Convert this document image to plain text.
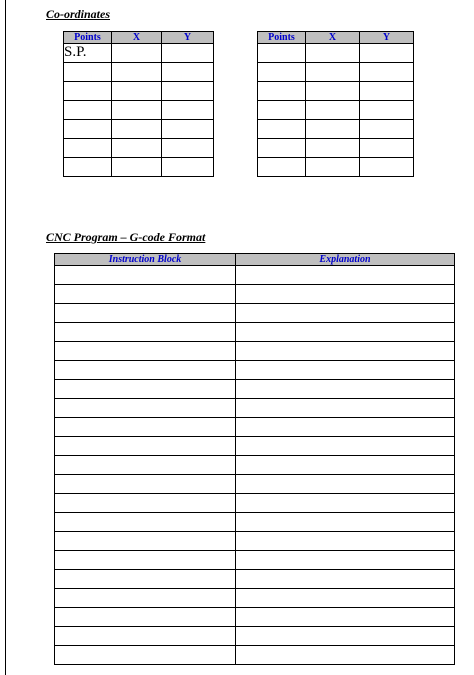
Co-ordinates
Points	X	Y
S.P.		

Points	X	Y

CNC Program – G-code Format
Instruction Block	Explanation
